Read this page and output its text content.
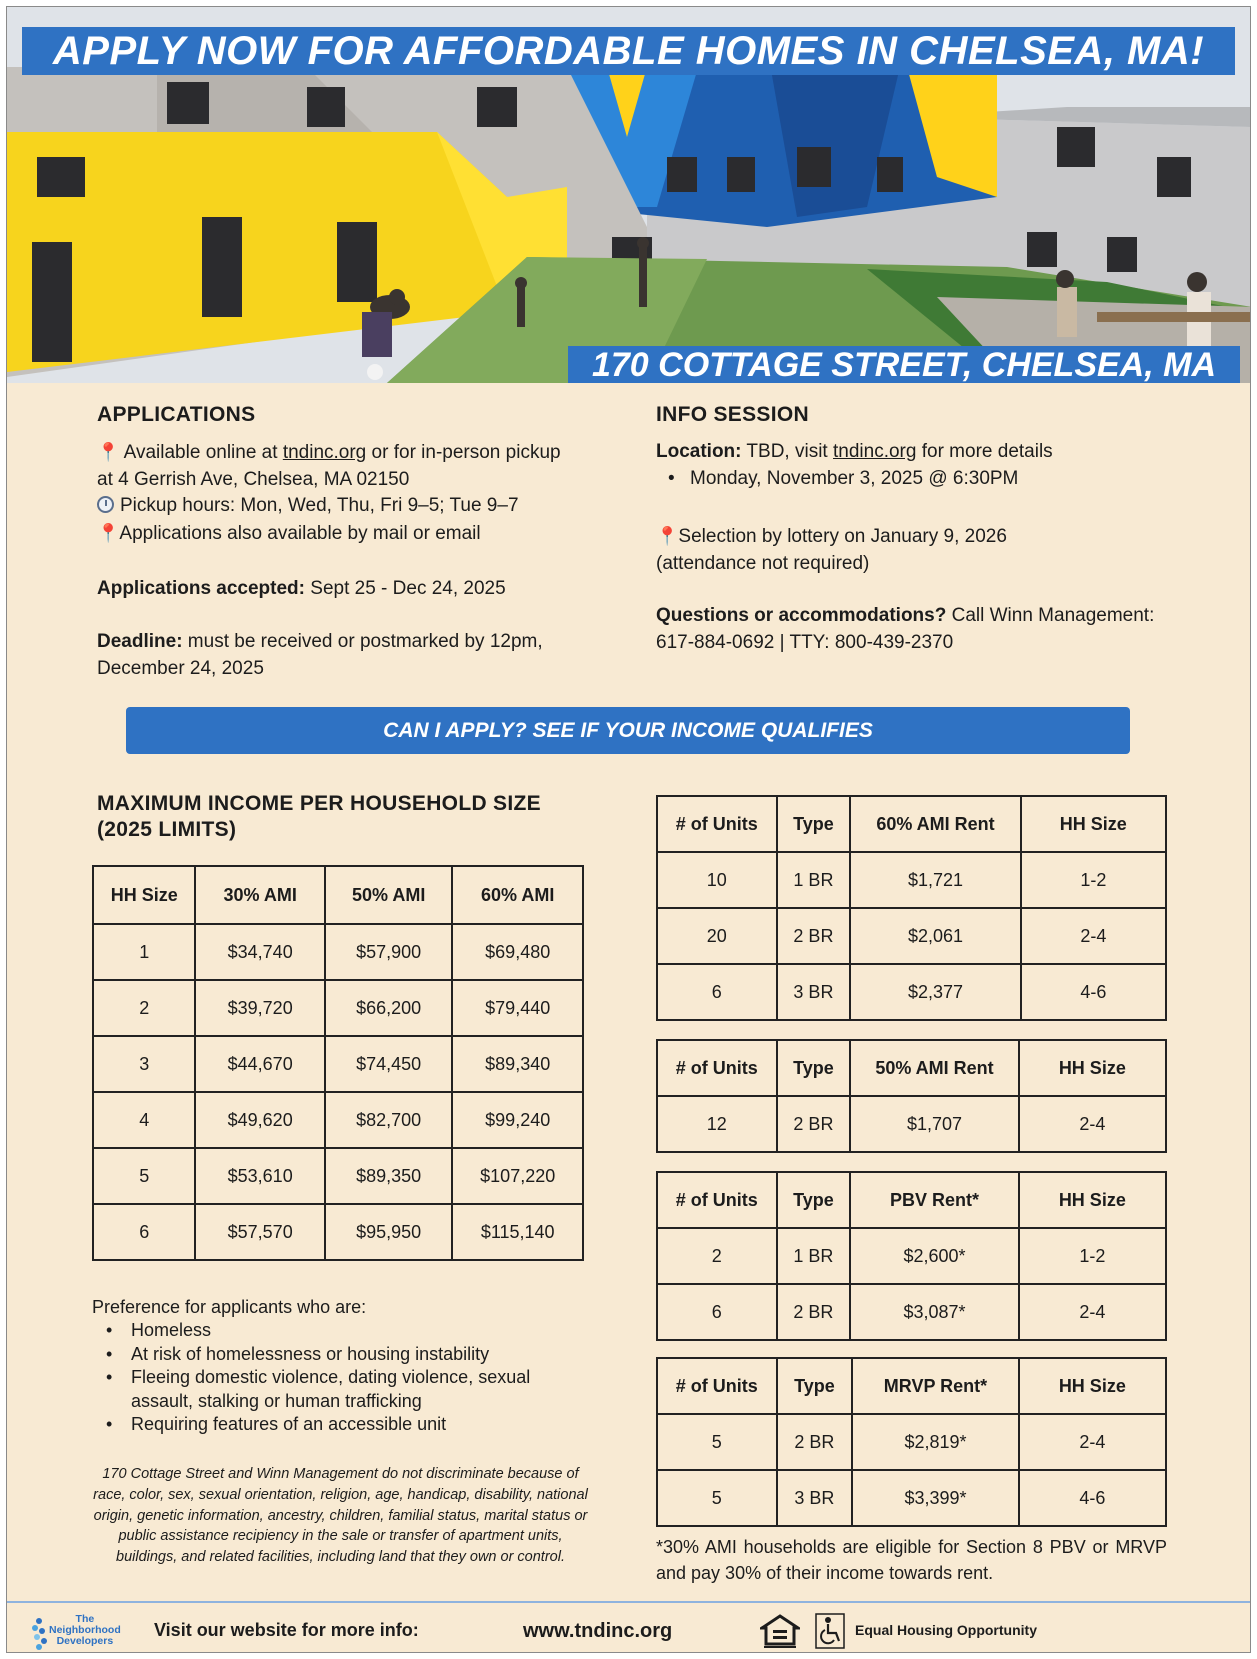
APPLY NOW FOR AFFORDABLE HOMES IN CHELSEA, MA!
170 COTTAGE STREET, CHELSEA, MA
APPLICATIONS
📍 Available online at tndinc.org or for in-person pickup at 4 Gerrish Ave, Chelsea, MA 02150
Pickup hours: Mon, Wed, Thu, Fri 9–5; Tue 9–7
📍Applications also available by mail or email
Applications accepted: Sept 25 - Dec 24, 2025
Deadline: must be received or postmarked by 12pm, December 24, 2025
INFO SESSION
Location: TBD, visit tndinc.org for more details
• Monday, November 3, 2025 @ 6:30PM
📍Selection by lottery on January 9, 2026 (attendance not required)
Questions or accommodations? Call Winn Management: 617-884-0692 | TTY: 800-439-2370
CAN I APPLY? SEE IF YOUR INCOME QUALIFIES
MAXIMUM INCOME PER HOUSEHOLD SIZE
(2025 LIMITS)
HH Size	30% AMI	50% AMI	60% AMI
1	$34,740	$57,900	$69,480
2	$39,720	$66,200	$79,440
3	$44,670	$74,450	$89,340
4	$49,620	$82,700	$99,240
5	$53,610	$89,350	$107,220
6	$57,570	$95,950	$115,140
Preference for applicants who are:
• Homeless
• At risk of homelessness or housing instability
• Fleeing domestic violence, dating violence, sexual assault, stalking or human trafficking
• Requiring features of an accessible unit
170 Cottage Street and Winn Management do not discriminate because of race, color, sex, sexual orientation, religion, age, handicap, disability, national origin, genetic information, ancestry, children, familial status, marital status or public assistance recipiency in the sale or transfer of apartment units, buildings, and related facilities, including land that they own or control.
# of Units	Type	60% AMI Rent	HH Size
10	1 BR	$1,721	1-2
20	2 BR	$2,061	2-4
6	3 BR	$2,377	4-6
# of Units	Type	50% AMI Rent	HH Size
12	2 BR	$1,707	2-4
# of Units	Type	PBV Rent*	HH Size
2	1 BR	$2,600*	1-2
6	2 BR	$3,087*	2-4
# of Units	Type	MRVP Rent*	HH Size
5	2 BR	$2,819*	2-4
5	3 BR	$3,399*	4-6
*30% AMI households are eligible for Section 8 PBV or MRVP and pay 30% of their income towards rent.
The
Neighborhood
Developers
Visit our website for more info:	www.tndinc.org	Equal Housing Opportunity
